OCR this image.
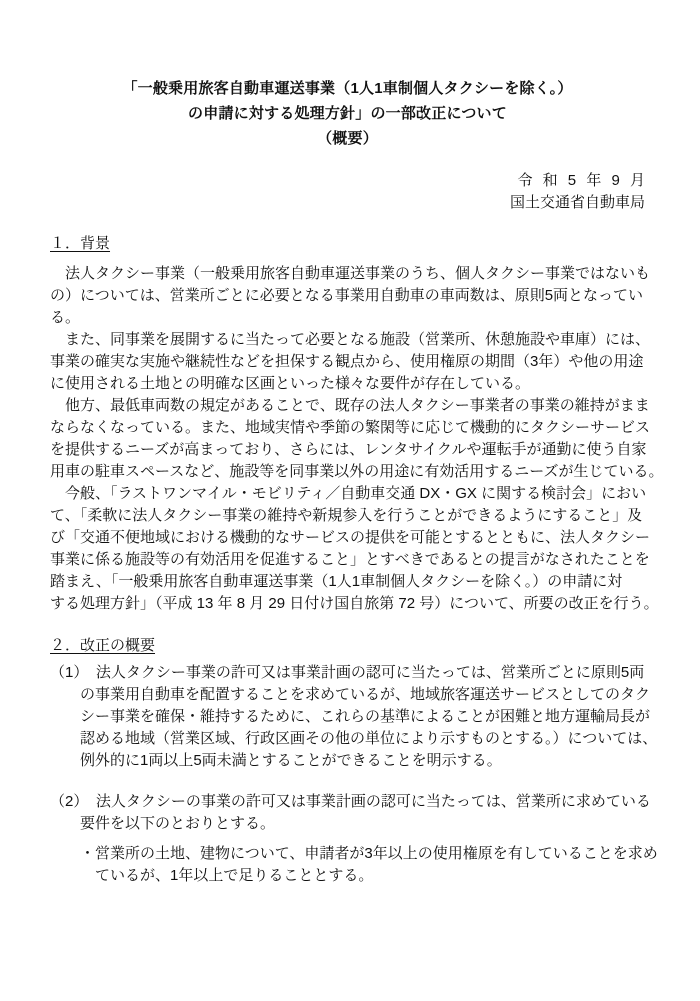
「一般乗用旅客自動車運送事業（1人1車制個人タクシーを除く。）
の申請に対する処理方針」の一部改正について
（概要）
令 和 5 年 9 月
国土交通省自動車局
１．背景
　法人タクシー事業（一般乗用旅客自動車運送事業のうち、個人タクシー事業ではないも
の）については、営業所ごとに必要となる事業用自動車の車両数は、原則5両となってい
る。
　また、同事業を展開するに当たって必要となる施設（営業所、休憩施設や車庫）には、
事業の確実な実施や継続性などを担保する観点から、使用権原の期間（3年）や他の用途
に使用される土地との明確な区画といった様々な要件が存在している。
　他方、最低車両数の規定があることで、既存の法人タクシー事業者の事業の維持がまま
ならなくなっている。また、地域実情や季節の繁閑等に応じて機動的にタクシーサービス
を提供するニーズが高まっており、さらには、レンタサイクルや運転手が通勤に使う自家
用車の駐車スペースなど、施設等を同事業以外の用途に有効活用するニーズが生じている。
　今般、「ラストワンマイル・モビリティ／自動車交通 DX・GX に関する検討会」におい
て、「柔軟に法人タクシー事業の維持や新規参入を行うことができるようにすること」及
び「交通不便地域における機動的なサービスの提供を可能とするとともに、法人タクシー
事業に係る施設等の有効活用を促進すること」とすべきであるとの提言がなされたことを
踏まえ、「一般乗用旅客自動車運送事業（1人1車制個人タクシーを除く。）の申請に対
する処理方針」（平成 13 年 8 月 29 日付け国自旅第 72 号）について、所要の改正を行う。
２．改正の概要
（1）　法人タクシー事業の許可又は事業計画の認可に当たっては、営業所ごとに原則5両
　　の事業用自動車を配置することを求めているが、地域旅客運送サービスとしてのタク
　　シー事業を確保・維持するために、これらの基準によることが困難と地方運輸局長が
　　認める地域（営業区域、行政区画その他の単位により示すものとする。）については、
　　例外的に1両以上5両未満とすることができることを明示する。
（2）　法人タクシーの事業の許可又は事業計画の認可に当たっては、営業所に求めている
　　要件を以下のとおりとする。
　　・営業所の土地、建物について、申請者が3年以上の使用権原を有していることを求め
　　　ているが、1年以上で足りることとする。
